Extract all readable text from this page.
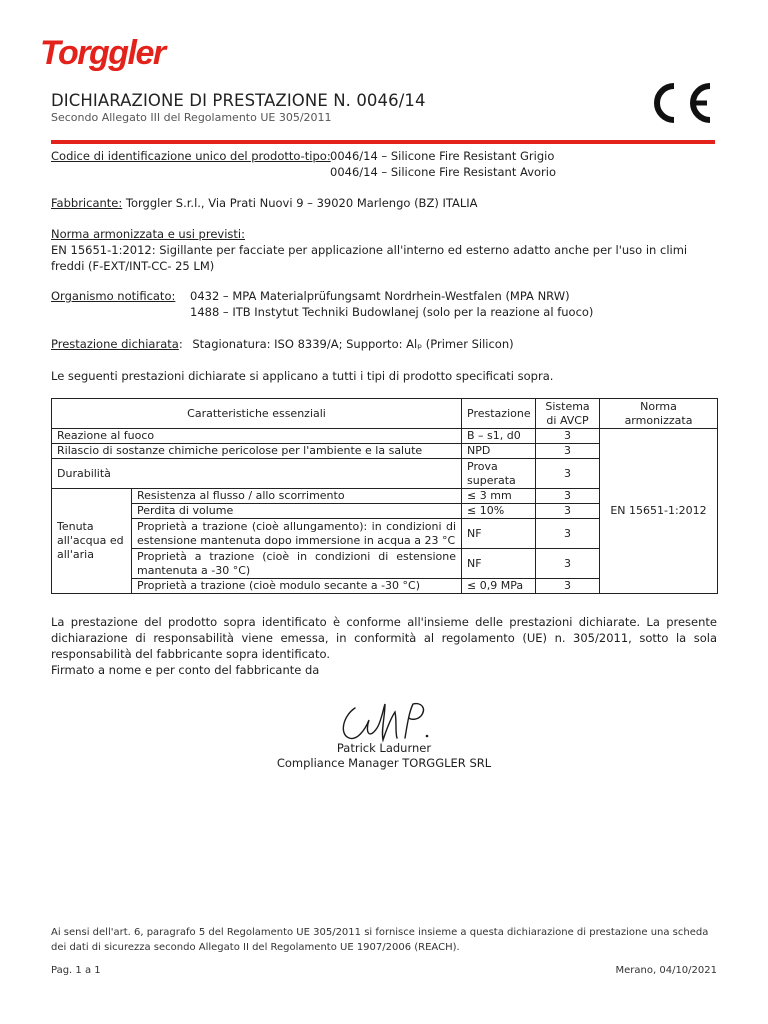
Torggler
DICHIARAZIONE DI PRESTAZIONE N. 0046/14
Secondo Allegato III del Regolamento UE 305/2011
Codice di identificazione unico del prodotto-tipo: 0046/14 – Silicone Fire Resistant Grigio
0046/14 – Silicone Fire Resistant Avorio
Fabbricante: Torggler S.r.l., Via Prati Nuovi 9 – 39020 Marlengo (BZ) ITALIA
Norma armonizzata e usi previsti:
EN 15651-1:2012: Sigillante per facciate per applicazione all'interno ed esterno adatto anche per l'uso in climi freddi (F-EXT/INT-CC- 25 LM)
Organismo notificato: 0432 – MPA Materialprüfungsamt Nordrhein-Westfalen (MPA NRW)
1488 – ITB Instytut Techniki Budowlanej (solo per la reazione al fuoco)
Prestazione dichiarata: Stagionatura: ISO 8339/A; Supporto: Alₚ (Primer Silicon)
Le seguenti prestazioni dichiarate si applicano a tutti i tipi di prodotto specificati sopra.
Caratteristiche essenziali		Prestazione	Sistema di AVCP	Norma armonizzata
Reazione al fuoco		B – s1, d0	3	EN 15651-1:2012
Rilascio di sostanze chimiche pericolose per l'ambiente e la salute		NPD	3	
Durabilità		Prova superata	3	
Tenuta all'acqua ed all'aria	Resistenza al flusso / allo scorrimento	≤ 3 mm	3	
	Perdita di volume	≤ 10%	3	
	Proprietà a trazione (cioè allungamento): in condizioni di estensione mantenuta dopo immersione in acqua a 23 °C	NF	3	
	Proprietà a trazione (cioè in condizioni di estensione mantenuta a -30 °C)	NF	3	
	Proprietà a trazione (cioè modulo secante a -30 °C)	≤ 0,9 MPa	3	

La prestazione del prodotto sopra identificato è conforme all'insieme delle prestazioni dichiarate. La presente dichiarazione di responsabilità viene emessa, in conformità al regolamento (UE) n. 305/2011, sotto la sola responsabilità del fabbricante sopra identificato.

Firmato a nome e per conto del fabbricante da

Patrick Ladurner
Compliance Manager TORGGLER SRL
Ai sensi dell'art. 6, paragrafo 5 del Regolamento UE 305/2011 si fornisce insieme a questa dichiarazione di prestazione una scheda dei dati di sicurezza secondo Allegato II del Regolamento UE 1907/2006 (REACH).
Pag. 1 a 1	Merano, 04/10/2021
